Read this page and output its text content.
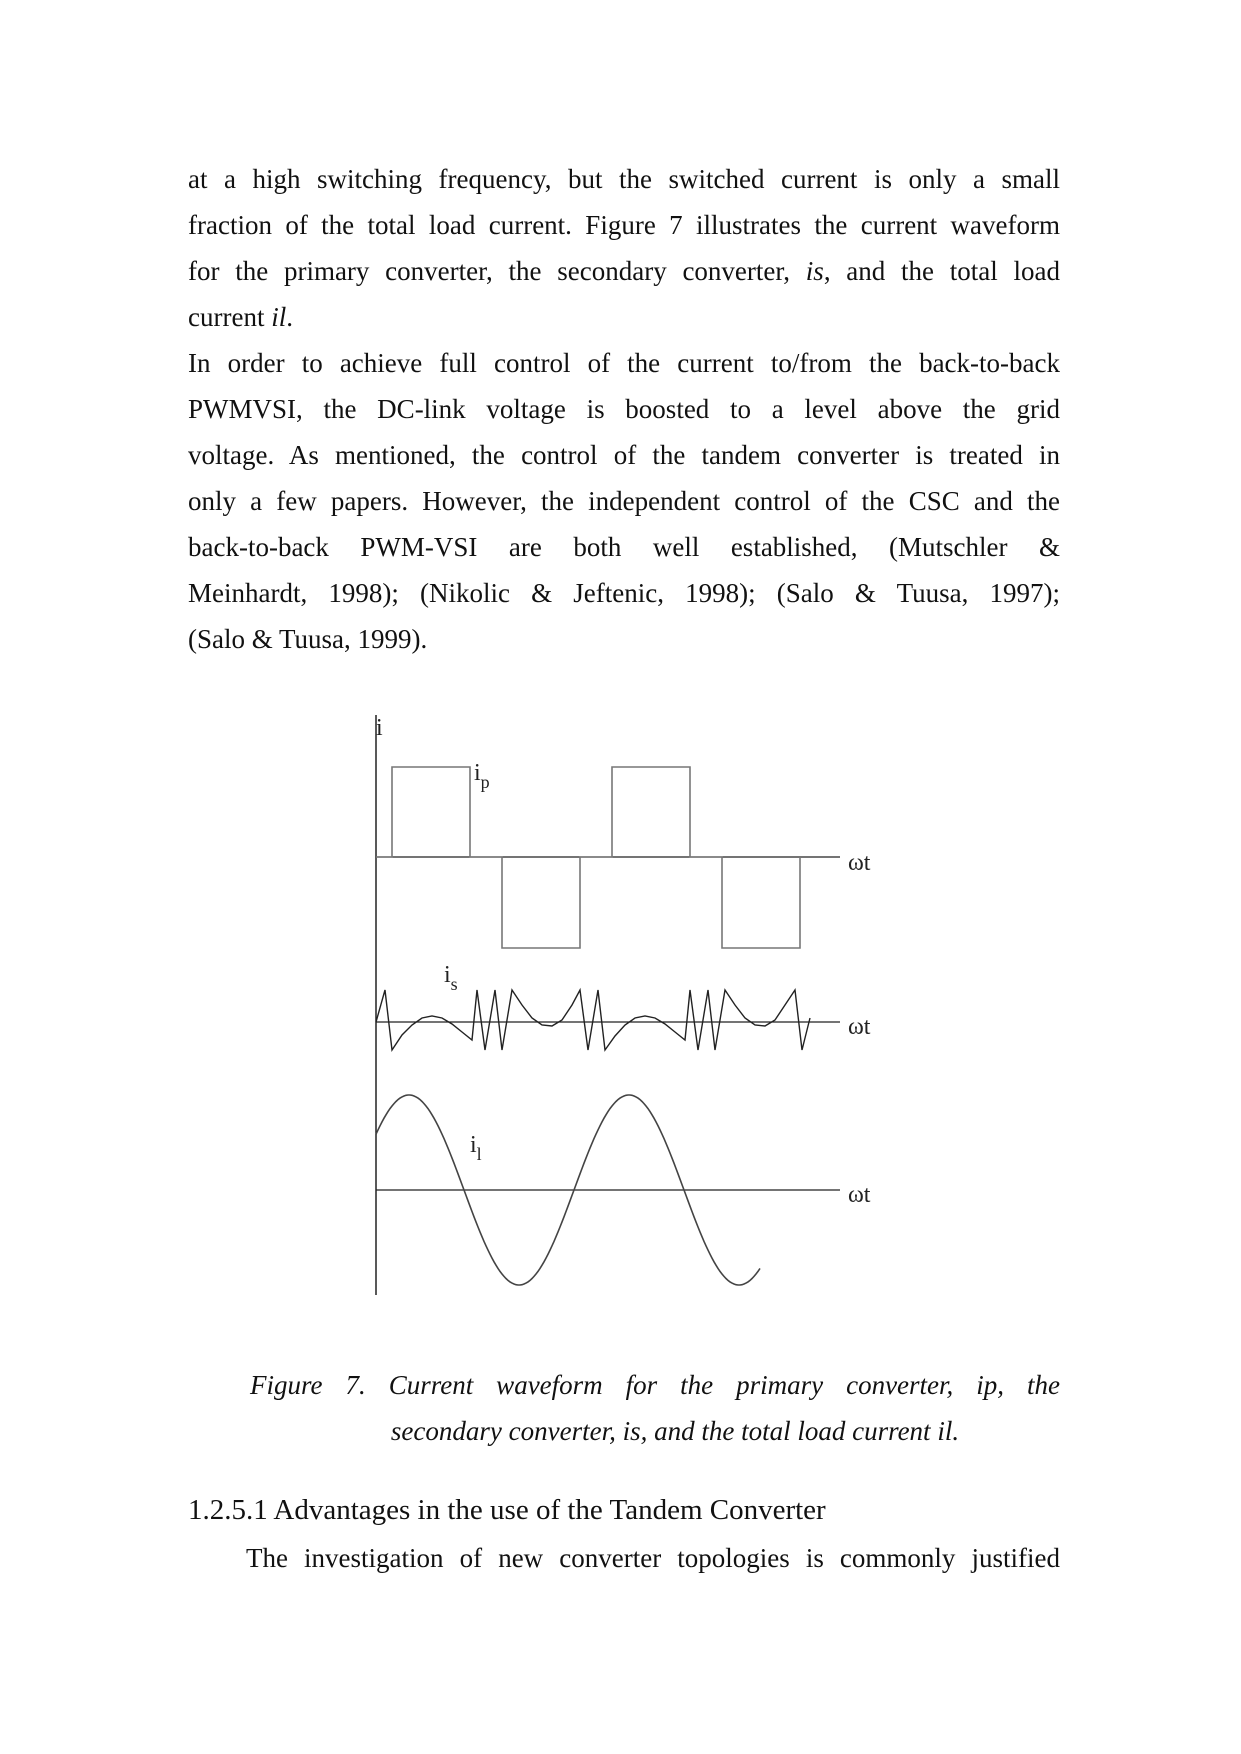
at a high switching frequency, but the switched current is only a small
fraction of the total load current. Figure 7 illustrates the current waveform
for the primary converter, the secondary converter, is, and the total load
current il.
In order to achieve full control of the current to/from the back-to-back
PWMVSI, the DC-link voltage is boosted to a level above the grid
voltage. As mentioned, the control of the tandem converter is treated in
only a few papers. However, the independent control of the CSC and the
back-to-back PWM-VSI are both well established, (Mutschler &
Meinhardt, 1998); (Nikolic & Jeftenic, 1998); (Salo & Tuusa, 1997);
(Salo & Tuusa, 1999).
i
ωt
$i_p$
ωt
$i_s$
ωt
$i_l$

Figure 7. Current waveform for the primary converter, ip, the
secondary converter, is, and the total load current il.

1.2.5.1 Advantages in the use of the Tandem Converter

The investigation of new converter topologies is commonly justified
